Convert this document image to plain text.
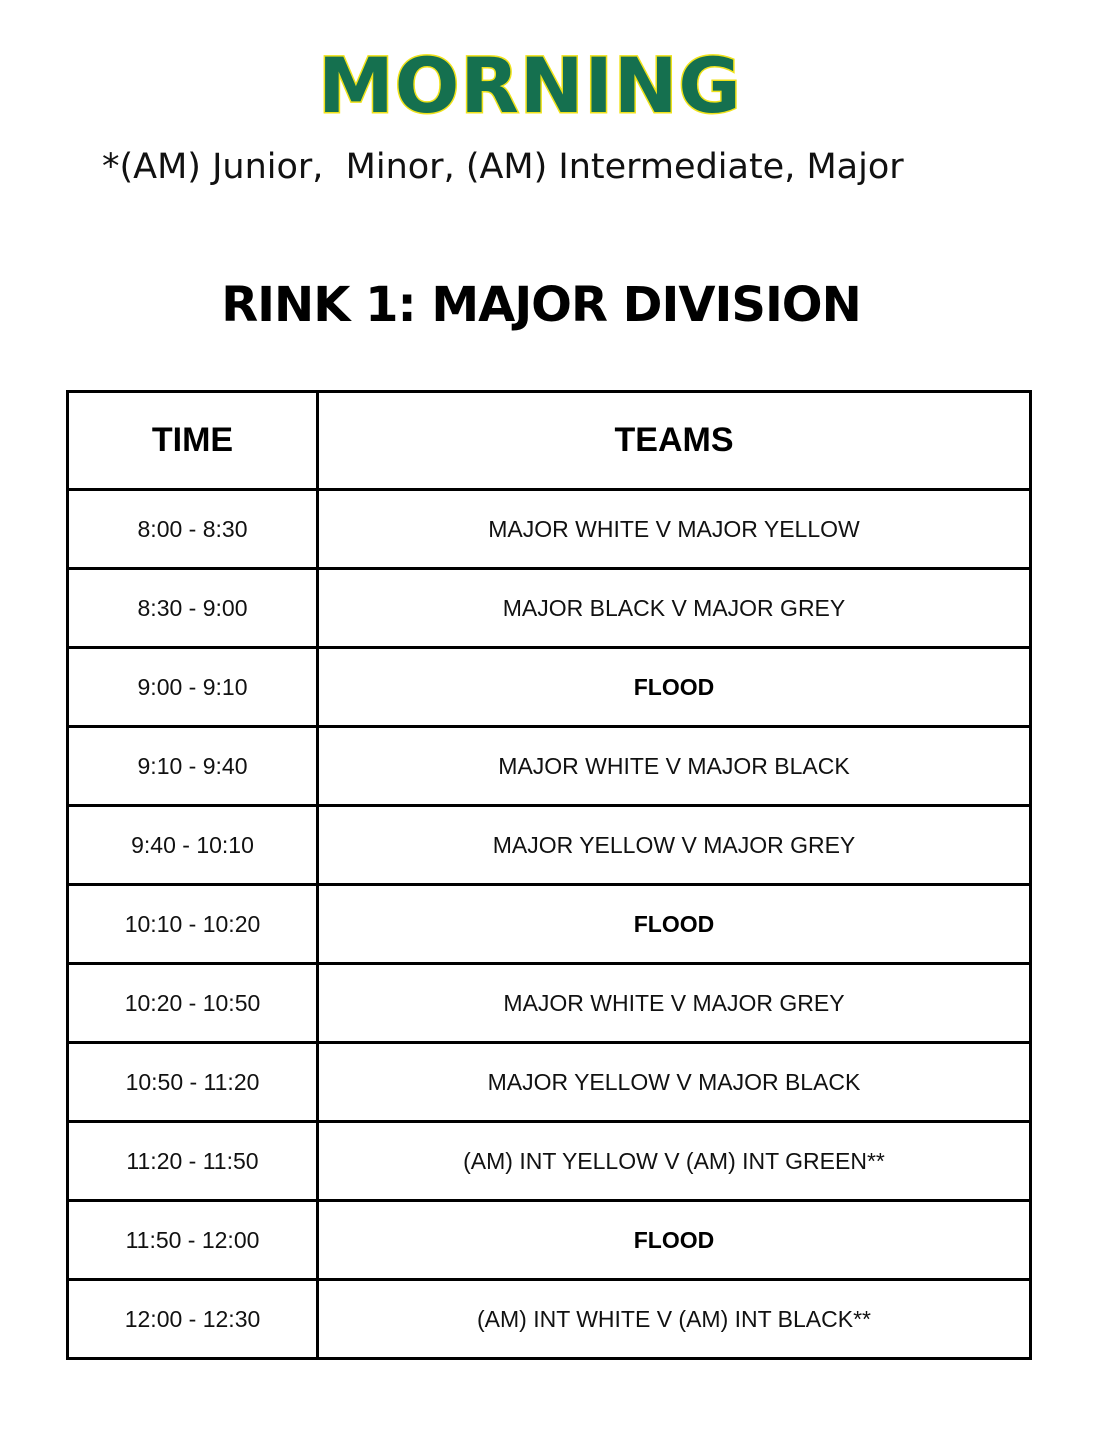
MORNING
*(AM) Junior,  Minor, (AM) Intermediate, Major
RINK 1: MAJOR DIVISION
TIME	TEAMS
8:00 - 8:30	MAJOR WHITE V MAJOR YELLOW
8:30 - 9:00	MAJOR BLACK V MAJOR GREY
9:00 - 9:10	FLOOD
9:10 - 9:40	MAJOR WHITE V MAJOR BLACK
9:40 - 10:10	MAJOR YELLOW V MAJOR GREY
10:10 - 10:20	FLOOD
10:20 - 10:50	MAJOR WHITE V MAJOR GREY
10:50 - 11:20	MAJOR YELLOW V MAJOR BLACK
11:20 - 11:50	(AM) INT YELLOW V (AM) INT GREEN**
11:50 - 12:00	FLOOD
12:00 - 12:30	(AM) INT WHITE V (AM) INT BLACK**
